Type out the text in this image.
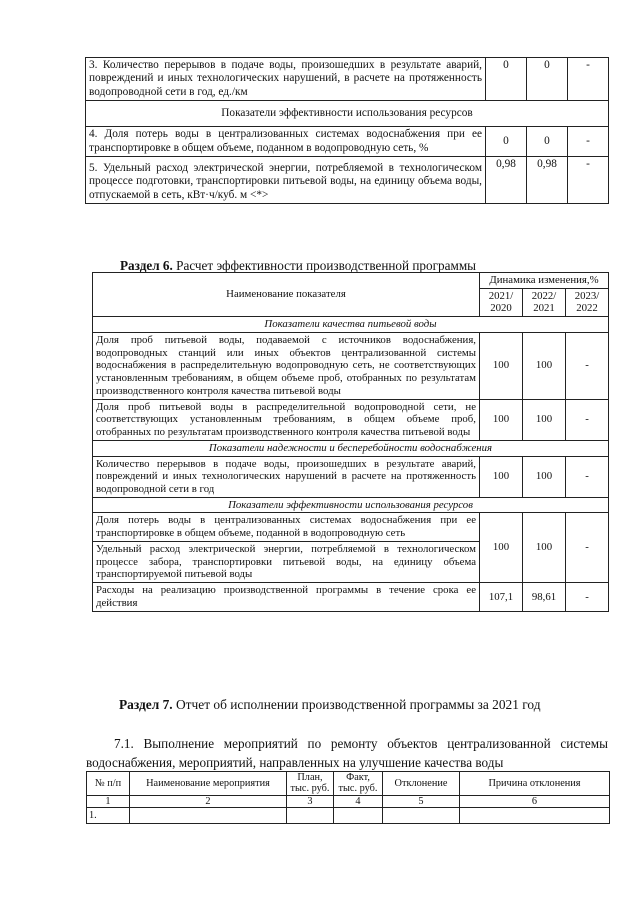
3. Количество перерывов в подаче воды, произошедших в результате аварий, повреждений и иных технологических нарушений, в расчете на протяженность водопроводной сети в год, ед./км	0	0	-
Показатели эффективности использования ресурсов			
4. Доля потерь воды в централизованных системах водоснабжения при ее транспортировке в общем объеме, поданном в водопроводную сеть, %	0	0	-
5. Удельный расход электрической энергии, потребляемой в технологическом процессе подготовки, транспортировки питьевой воды, на единицу объема воды, отпускаемой в сеть, кВт·ч/куб. м <*>	0,98	0,98	-
Раздел 6. Расчет эффективности производственной программы
Наименование показателя	Динамика изменения,%		
	2021/ 2020	2022/ 2021	2023/ 2022
Показатели качества питьевой воды			
Доля проб питьевой воды, подаваемой с источников водоснабжения, водопроводных станций или иных объектов централизованной системы водоснабжения в распределительную водопроводную сеть, не соответствующих установленным требованиям, в общем объеме проб, отобранных по результатам производственного контроля качества питьевой воды	100	100	-
Доля проб питьевой воды в распределительной водопроводной сети, не соответствующих установленным требованиям, в общем объеме проб, отобранных по результатам производственного контроля качества питьевой воды	100	100	-
Показатели надежности и бесперебойности водоснабжения			
Количество перерывов в подаче воды, произошедших в результате аварий, повреждений и иных технологических нарушений в расчете на протяженность водопроводной сети в год	100	100	-
Показатели эффективности использования ресурсов			
Доля потерь воды в централизованных системах водоснабжения при ее транспортировке в общем объеме, поданной в водопроводную сеть	100	100	-
Удельный расход электрической энергии, потребляемой в технологическом процессе забора, транспортировки питьевой воды, на единицу объема транспортируемой питьевой воды			
Расходы на реализацию производственной программы в течение срока ее действия	107,1	98,61	-
Раздел 7. Отчет об исполнении производственной программы за 2021 год

7.1. Выполнение мероприятий по ремонту объектов централизованной системы водоснабжения, мероприятий, направленных на улучшение качества воды

№ п/п	Наименование мероприятия	План, тыс. руб.	Факт, тыс. руб.	Отклонение	Причина отклонения
1	2	3	4	5	6
1.					
